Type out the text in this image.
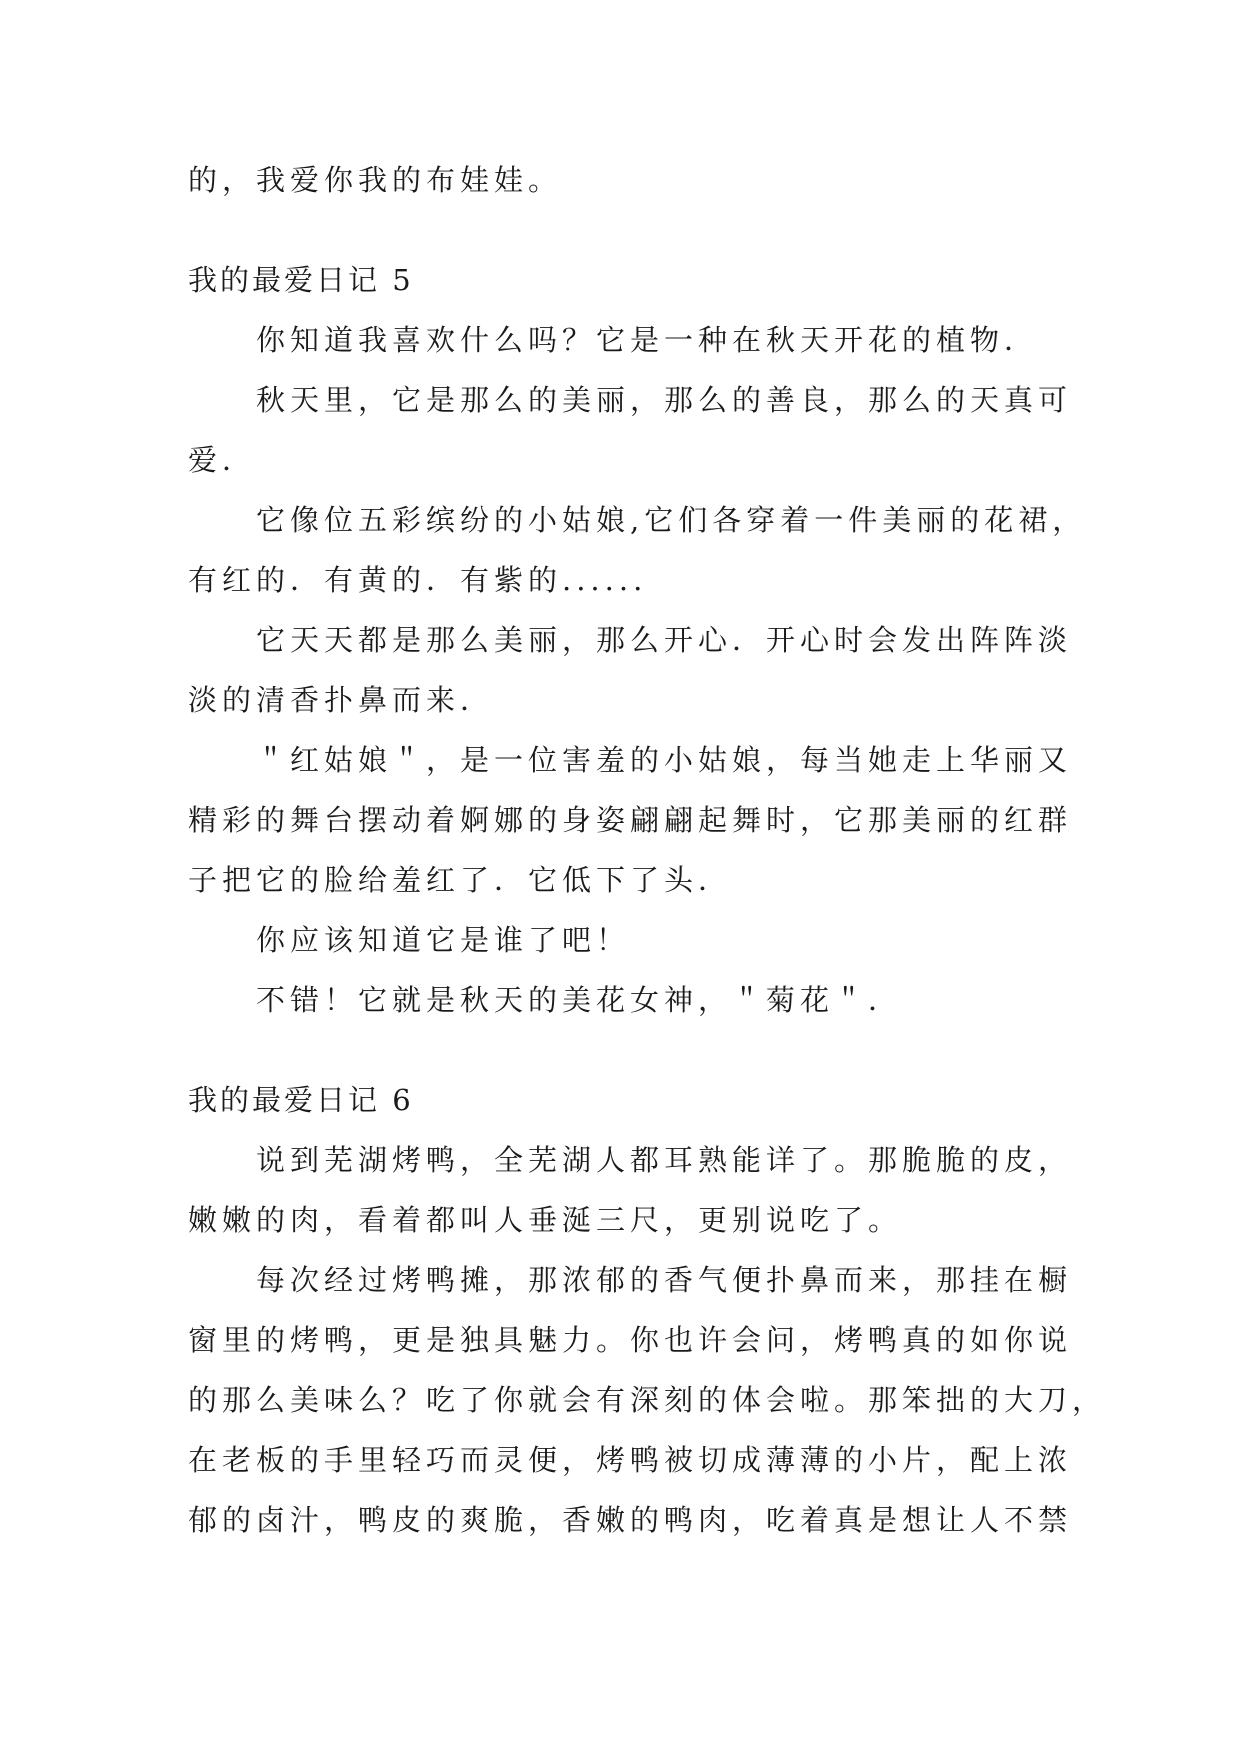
的，我爱你我的布娃娃。
我的最爱日记 5
你知道我喜欢什么吗？它是一种在秋天开花的植物．
秋天里，它是那么的美丽，那么的善良，那么的天真可
爱．
它像位五彩缤纷的小姑娘,它们各穿着一件美丽的花裙，
有红的．有黄的．有紫的......
它天天都是那么美丽，那么开心．开心时会发出阵阵淡
淡的清香扑鼻而来．
＂红姑娘＂，是一位害羞的小姑娘，每当她走上华丽又
精彩的舞台摆动着婀娜的身姿翩翩起舞时，它那美丽的红群
子把它的脸给羞红了．它低下了头．
你应该知道它是谁了吧！
不错！它就是秋天的美花女神，＂菊花＂．
我的最爱日记 6
说到芜湖烤鸭，全芜湖人都耳熟能详了。那脆脆的皮，
嫩嫩的肉，看着都叫人垂涎三尺，更别说吃了。
每次经过烤鸭摊，那浓郁的香气便扑鼻而来，那挂在橱
窗里的烤鸭，更是独具魅力。你也许会问，烤鸭真的如你说
的那么美味么？吃了你就会有深刻的体会啦。那笨拙的大刀，
在老板的手里轻巧而灵便，烤鸭被切成薄薄的小片，配上浓
郁的卤汁，鸭皮的爽脆，香嫩的鸭肉，吃着真是想让人不禁
